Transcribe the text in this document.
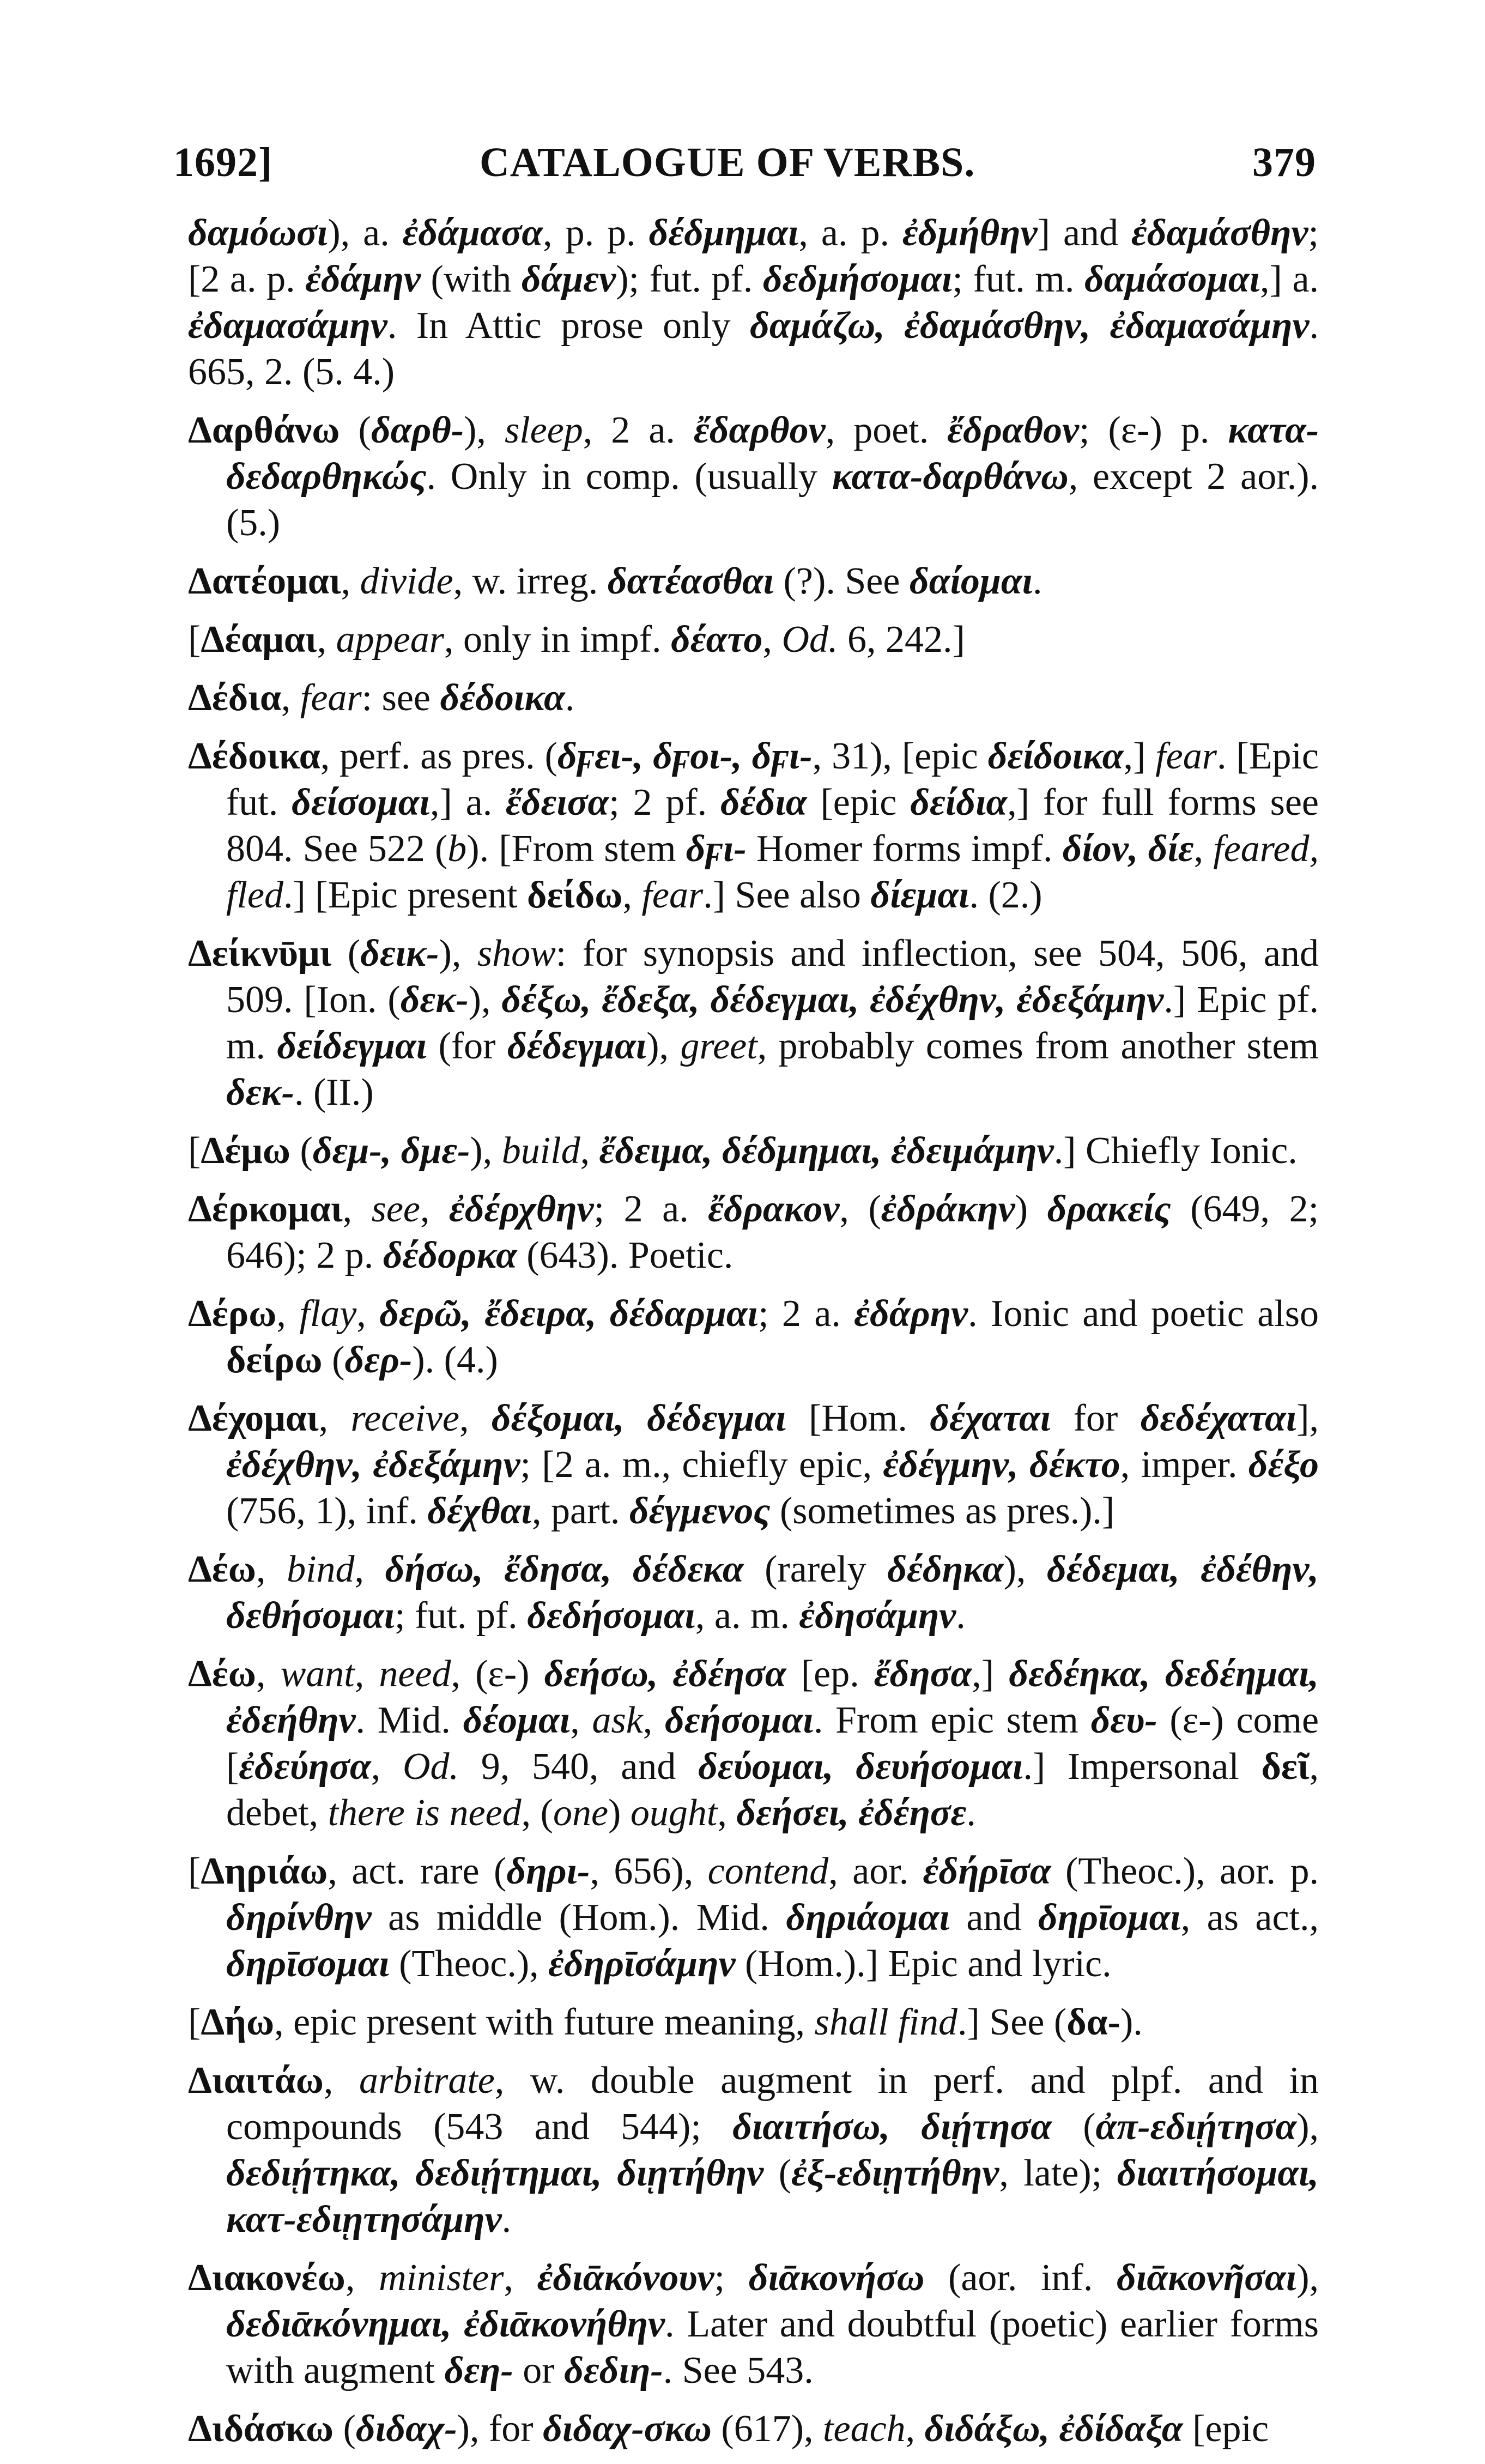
1692]	CATALOGUE OF VERBS.	379

δαμόωσι), a. ἐδάμασα, p. p. δέδμημαι, a. p. ἐδμήθην] and ἐδαμάσθην; [2 a. p. ἐδάμην (with δάμεν); fut. pf. δεδμήσομαι; fut. m. δαμάσομαι,] a. ἐδαμασάμην. In Attic prose only δαμάζω, ἐδαμάσθην, ἐδαμασάμην. 665, 2. (5. 4.)

Δαρθάνω (δαρθ-), sleep, 2 a. ἔδαρθον, poet. ἔδραθον; (ε-) p. κατα-δεδαρθηκώς. Only in comp. (usually κατα-δαρθάνω, except 2 aor.). (5.)

Δατέομαι, divide, w. irreg. δατέασθαι (?). See δαίομαι.

[Δέαμαι, appear, only in impf. δέατο, Od. 6, 242.]

Δέδια, fear: see δέδοικα.

Δέδοικα, perf. as pres. (δϝει-, δϝοι-, δϝι-, 31), [epic δείδοικα,] fear. [Epic fut. δείσομαι,] a. ἔδεισα; 2 pf. δέδια [epic δείδια,] for full forms see 804. See 522 (b). [From stem δϝι- Homer forms impf. δίον, δίε, feared, fled.] [Epic present δείδω, fear.] See also δίεμαι. (2.)

Δείκνῡμι (δεικ-), show: for synopsis and inflection, see 504, 506, and 509. [Ion. (δεκ-), δέξω, ἔδεξα, δέδεγμαι, ἐδέχθην, ἐδεξάμην.] Epic pf. m. δείδεγμαι (for δέδεγμαι), greet, probably comes from another stem δεκ-. (II.)

[Δέμω (δεμ-, δμε-), build, ἔδειμα, δέδμημαι, ἐδειμάμην.] Chiefly Ionic.

Δέρκομαι, see, ἐδέρχθην; 2 a. ἔδρακον, (ἐδράκην) δρακείς (649, 2; 646); 2 p. δέδορκα (643). Poetic.

Δέρω, flay, δερῶ, ἔδειρα, δέδαρμαι; 2 a. ἐδάρην. Ionic and poetic also δείρω (δερ-). (4.)

Δέχομαι, receive, δέξομαι, δέδεγμαι [Hom. δέχαται for δεδέχαται], ἐδέχθην, ἐδεξάμην; [2 a. m., chiefly epic, ἐδέγμην, δέκτο, imper. δέξο (756, 1), inf. δέχθαι, part. δέγμενος (sometimes as pres.).]

Δέω, bind, δήσω, ἔδησα, δέδεκα (rarely δέδηκα), δέδεμαι, ἐδέθην, δεθήσομαι; fut. pf. δεδήσομαι, a. m. ἐδησάμην.

Δέω, want, need, (ε-) δεήσω, ἐδέησα [ep. ἔδησα,] δεδέηκα, δεδέημαι, ἐδεήθην. Mid. δέομαι, ask, δεήσομαι. From epic stem δευ- (ε-) come [ἐδεύησα, Od. 9, 540, and δεύομαι, δευήσομαι.] Impersonal δεῖ, debet, there is need, (one) ought, δεήσει, ἐδέησε.

[Δηριάω, act. rare (δηρι-, 656), contend, aor. ἐδήρῑσα (Theoc.), aor. p. δηρίνθην as middle (Hom.). Mid. δηριάομαι and δηρῑομαι, as act., δηρῑσομαι (Theoc.), ἐδηρῑσάμην (Hom.).] Epic and lyric.

[Δήω, epic present with future meaning, shall find.] See (δα-).

Διαιτάω, arbitrate, w. double augment in perf. and plpf. and in compounds (543 and 544); διαιτήσω, διῄτησα (ἀπ-εδιῄτησα), δεδιῄτηκα, δεδιῄτημαι, διῃτήθην (ἐξ-εδιῃτήθην, late); διαιτήσομαι, κατ-εδιῃτησάμην.

Διακονέω, minister, ἐδιᾱκόνουν; διᾱκονήσω (aor. inf. διᾱκονῆσαι), δεδιᾱκόνημαι, ἐδιᾱκονήθην. Later and doubtful (poetic) earlier forms with augment δεη- or δεδιη-. See 543.

Διδάσκω (διδαχ-), for διδαχ-σκω (617), teach, διδάξω, ἐδίδαξα [epic
